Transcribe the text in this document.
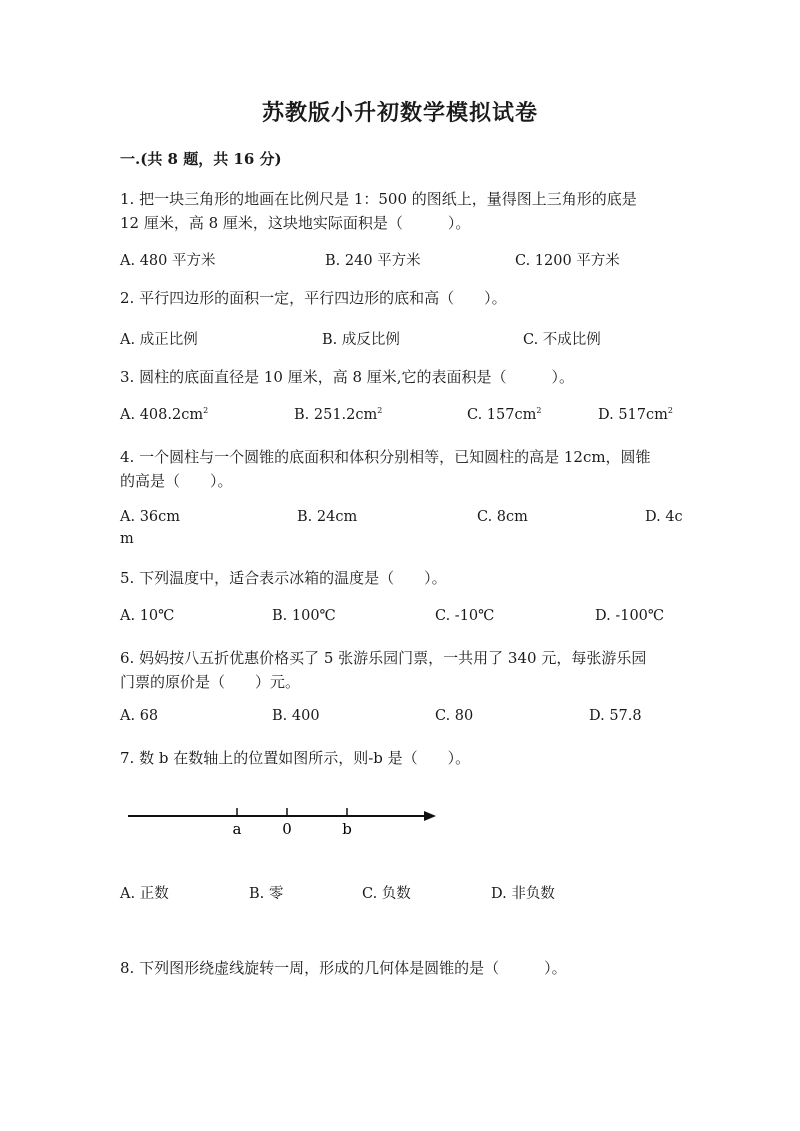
苏教版小升初数学模拟试卷
一.(共 8 题，共 16 分)
1. 把一块三角形的地画在比例尺是 1：500 的图纸上，量得图上三角形的底是
12 厘米，高 8 厘米，这块地实际面积是（　　　）。
A. 480 平方米	B. 240 平方米	C. 1200 平方米
2. 平行四边形的面积一定，平行四边形的底和高（　　）。
A. 成正比例	B. 成反比例	C. 不成比例
3. 圆柱的底面直径是 10 厘米，高 8 厘米,它的表面积是（　　　）。
A. $408.2cm^2$	B. $251.2cm^2$	C. $157cm^2$	D. $517cm^2$
4. 一个圆柱与一个圆锥的底面积和体积分别相等，已知圆柱的高是 12cm，圆锥
的高是（　　）。
A. 36cm	B. 24cm	C. 8cm	D. 4c
m
5. 下列温度中，适合表示冰箱的温度是（　　）。
A. 10℃	B. 100℃	C. -10℃	D. -100℃
6. 妈妈按八五折优惠价格买了 5 张游乐园门票，一共用了 340 元，每张游乐园
门票的原价是（　　）元。
A. 68	B. 400	C. 80	D. 57.8
7. 数 b 在数轴上的位置如图所示，则-b 是（　　）。
a	0	b
A. 正数	B. 零	C. 负数	D. 非负数
8. 下列图形绕虚线旋转一周，形成的几何体是圆锥的是（　　　）。
